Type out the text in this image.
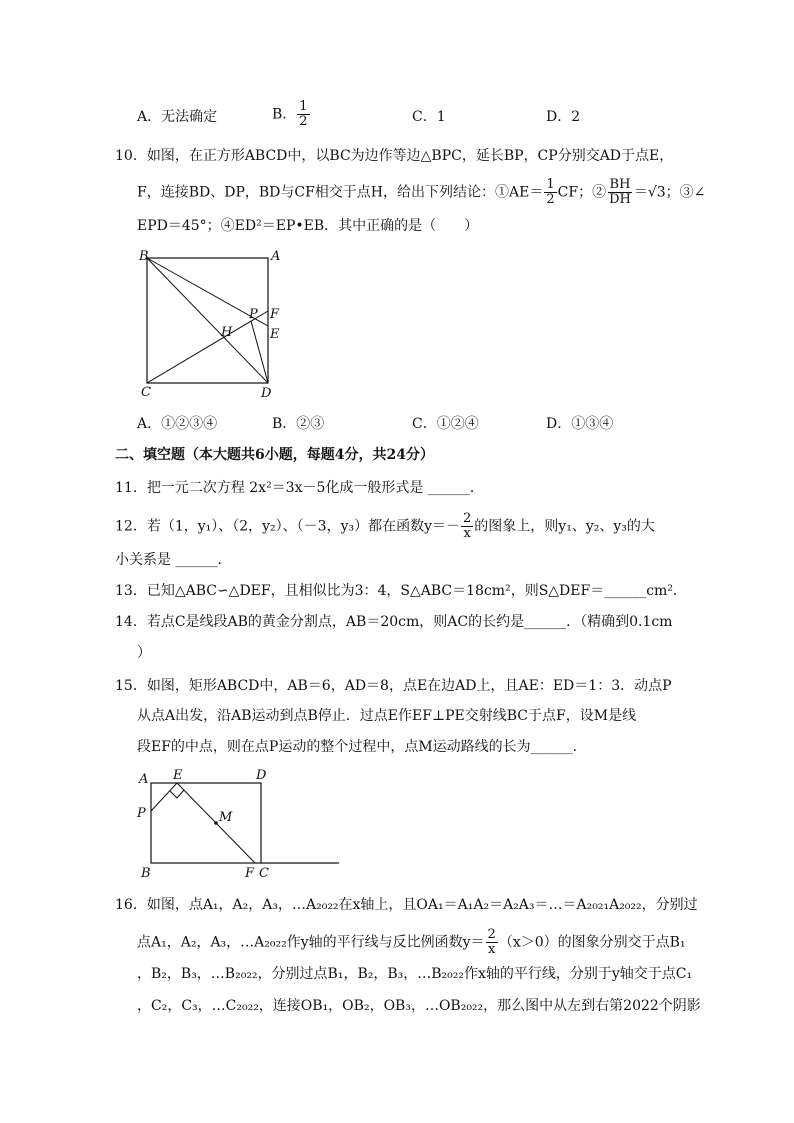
A．无法确定	B． $\frac{1}{2}$	C．1	D．2
10．如图，在正方形ABCD中，以BC为边作等边△BPC，延长BP，CP分别交AD于点E，
F，连接BD、DP，BD与CF相交于点H，给出下列结论：①AE＝ $\frac{1}{2}$ CF；② $\frac{BH}{DH} =√3$；③∠
EPD＝45°；④ED²＝EP•EB．其中正确的是（　　）
B	A
C	D
P F
E
H
A．①②③④	B．②③	C．①②④	D．①③④
二、填空题（本大题共6小题，每题4分，共24分）
11．把一元二次方程 2x²＝3x－5化成一般形式是 ______．
12．若（1，y₁）、（2，y₂）、（－3，y₃）都在函数$y=- \frac{2}{x}$ 的图象上，则y₁、y₂、y₃的大
小关系是 ______．
13．已知△ABC∽△DEF，且相似比为3：4，S△ABC＝18cm²，则S△DEF＝______cm²．
14．若点C是线段AB的黄金分割点，AB＝20cm，则AC的长约是______．（精确到0.1cm
）
15．如图，矩形ABCD中，AB＝6，AD＝8，点E在边AD上，且AE：ED＝1：3．动点P
从点A出发，沿AB运动到点B停止．过点E作EF⊥PE交射线BC于点F，设M是线
段EF的中点，则在点P运动的整个过程中，点M运动路线的长为______．
A E	D
P	M
B	F C
16．如图，点A₁，A₂，A₃，…A₂₀₂₂在x轴上，且OA₁＝A₁A₂＝A₂A₃＝…＝A₂₀₂₁A₂₀₂₂，分别过
点A₁，A₂，A₃，…A₂₀₂₂作y轴的平行线与反比例函数$y= \frac{2}{x} (x>0)$的图象分别交于点B₁
，B₂，B₃，…B₂₀₂₂，分别过点B₁，B₂，B₃，…B₂₀₂₂作x轴的平行线，分别于y轴交于点C₁
，C₂，C₃，…C₂₀₂₂，连接OB₁，OB₂，OB₃，…OB₂₀₂₂，那么图中从左到右第2022个阴影
